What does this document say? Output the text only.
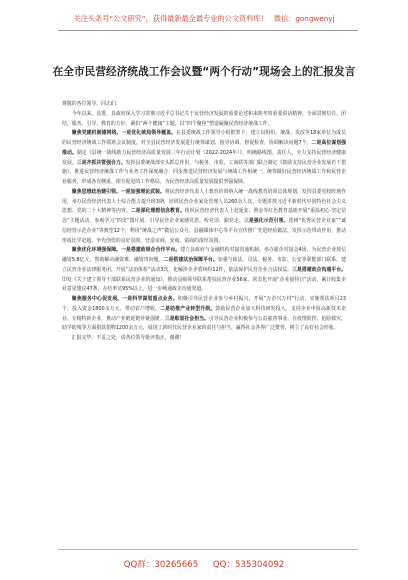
关注头条号“公文研究”，获得最新最全最专业的公文资料库！ 微信：gongwenyj
在全市民营经济统战工作会议暨“两个行动”现场会上的汇报发言

尊敬的各位领导、同志们：

今年以来，县委、县政府深入学习贯彻习近平总书记关于民营经济发展的重要论述和来陕考察重要讲话精神，全面贯彻信任、团结、服务、引导、教育的方针，紧扣“两个健康”主题，以“四个聚焦”塑造凝聚民营经济统战工作。

聚焦党建机制建网络。一是优化统局领导履盖。在县委统战工作领导小组框架下，建立以组织、统战、发改等18家单位为成员的民营经济统战工作联席会议制度，对全县民营经济发展进行统筹谋划、指导协调、督促检查，协调解决问题7个。二是高位谋划强推动。制定《县统一战线助力民营经济高质量发展三年行动计划（2022-2024年）》，明确路线图、责任人，全力支持民营经济健康发展。三是齐抓共管强合力。发挥县委统战部牵头抓总作用，与税务、市监、工商联等部门联合制定《鼓励支持民营企业发展若干措施》，推进民营经济统战工作与业务工作深度融合，同步推进民营经济发展与统战工作相统一，统筹做好民营经济统战工作和民营企业服务，形成各有侧重、相互促进的工作格局，为民营经济高质量发展提供坚强保障。

聚焦思想政治建引领。一是加强理论武装。将民营经济代表人士教育培训纳入统一战线教育培训总体规划，发挥县委党校阵地作用，举办民营经济代表人士综合能力提升班3期，培训民营企业家及管理人员260余人次，专题讲授习近平新时代中国特色社会主义思想、党的二十大精神等内容。二是深化理想信念教育。组织民营经济代表人士赴延安、照金等红色教育基地开展“重温初心·坚定信念”主题活动，参观学习“四史”图片展，引导民营企业家感党恩、听党话、跟党走。三是强化示范引领。选树“优秀民营企业家”“诚信经营示范企业”等典型12个，利用“统战之声”微信公众号、县融媒体中心等平台宣传推广先进经验做法，发挥示范带动作用，推动形成比学赶超、争先创优的良好氛围，营造亲商、安商、富商的浓厚氛围。

聚焦优化环境强保障。一是搭建政银企合作平台。建立县政府与金融机构对接沟通机制，举办银企对接会4场，为民营企业授信融资5.8亿元，帮助解决融资难、融资贵问题。二是搭建法治保障平台。加强与政法、司法、税务、市监、公安等职能部门联系，建立民营企业法律服务团，开展“法治体检”活动3次，化解涉企矛盾纠纷12件，依法保护民营企业合法权益。三是搭建政企沟通平台。印发《关于建立领导干部联系民营企业的通知》，推动县级领导联系帮扶民营企业56家，常态化开展“企业接待日”活动，累计收集企业意见建议47条，办结率达95%以上，进一步畅通政企沟通渠道。

聚焦服务中心促发展。一是科学谋划重点业务。积极引导民营企业参与乡村振兴，开展“万企兴万村”行动，实施帮扶项目23个，投入资金1800余万元，带动农户增收。二是助推产业转型升级。鼓励民营企业加大科技研发投入，支持企业申报高新技术企业、专精特新企业，推动产业链延链补链强链。三是彰显社会担当。引导民营企业积极参与公益慈善事业，在疫情防控、抢险救灾、助学助残等方面捐款捐物1200余万元，展现了新时代民营企业家的责任与担当，赢得社会各界广泛赞誉，树立了良好社会形象。

汇报完毕，不妥之处，请各位领导批评指正。谢谢！

QQ群：30265665 QQ：535304092
